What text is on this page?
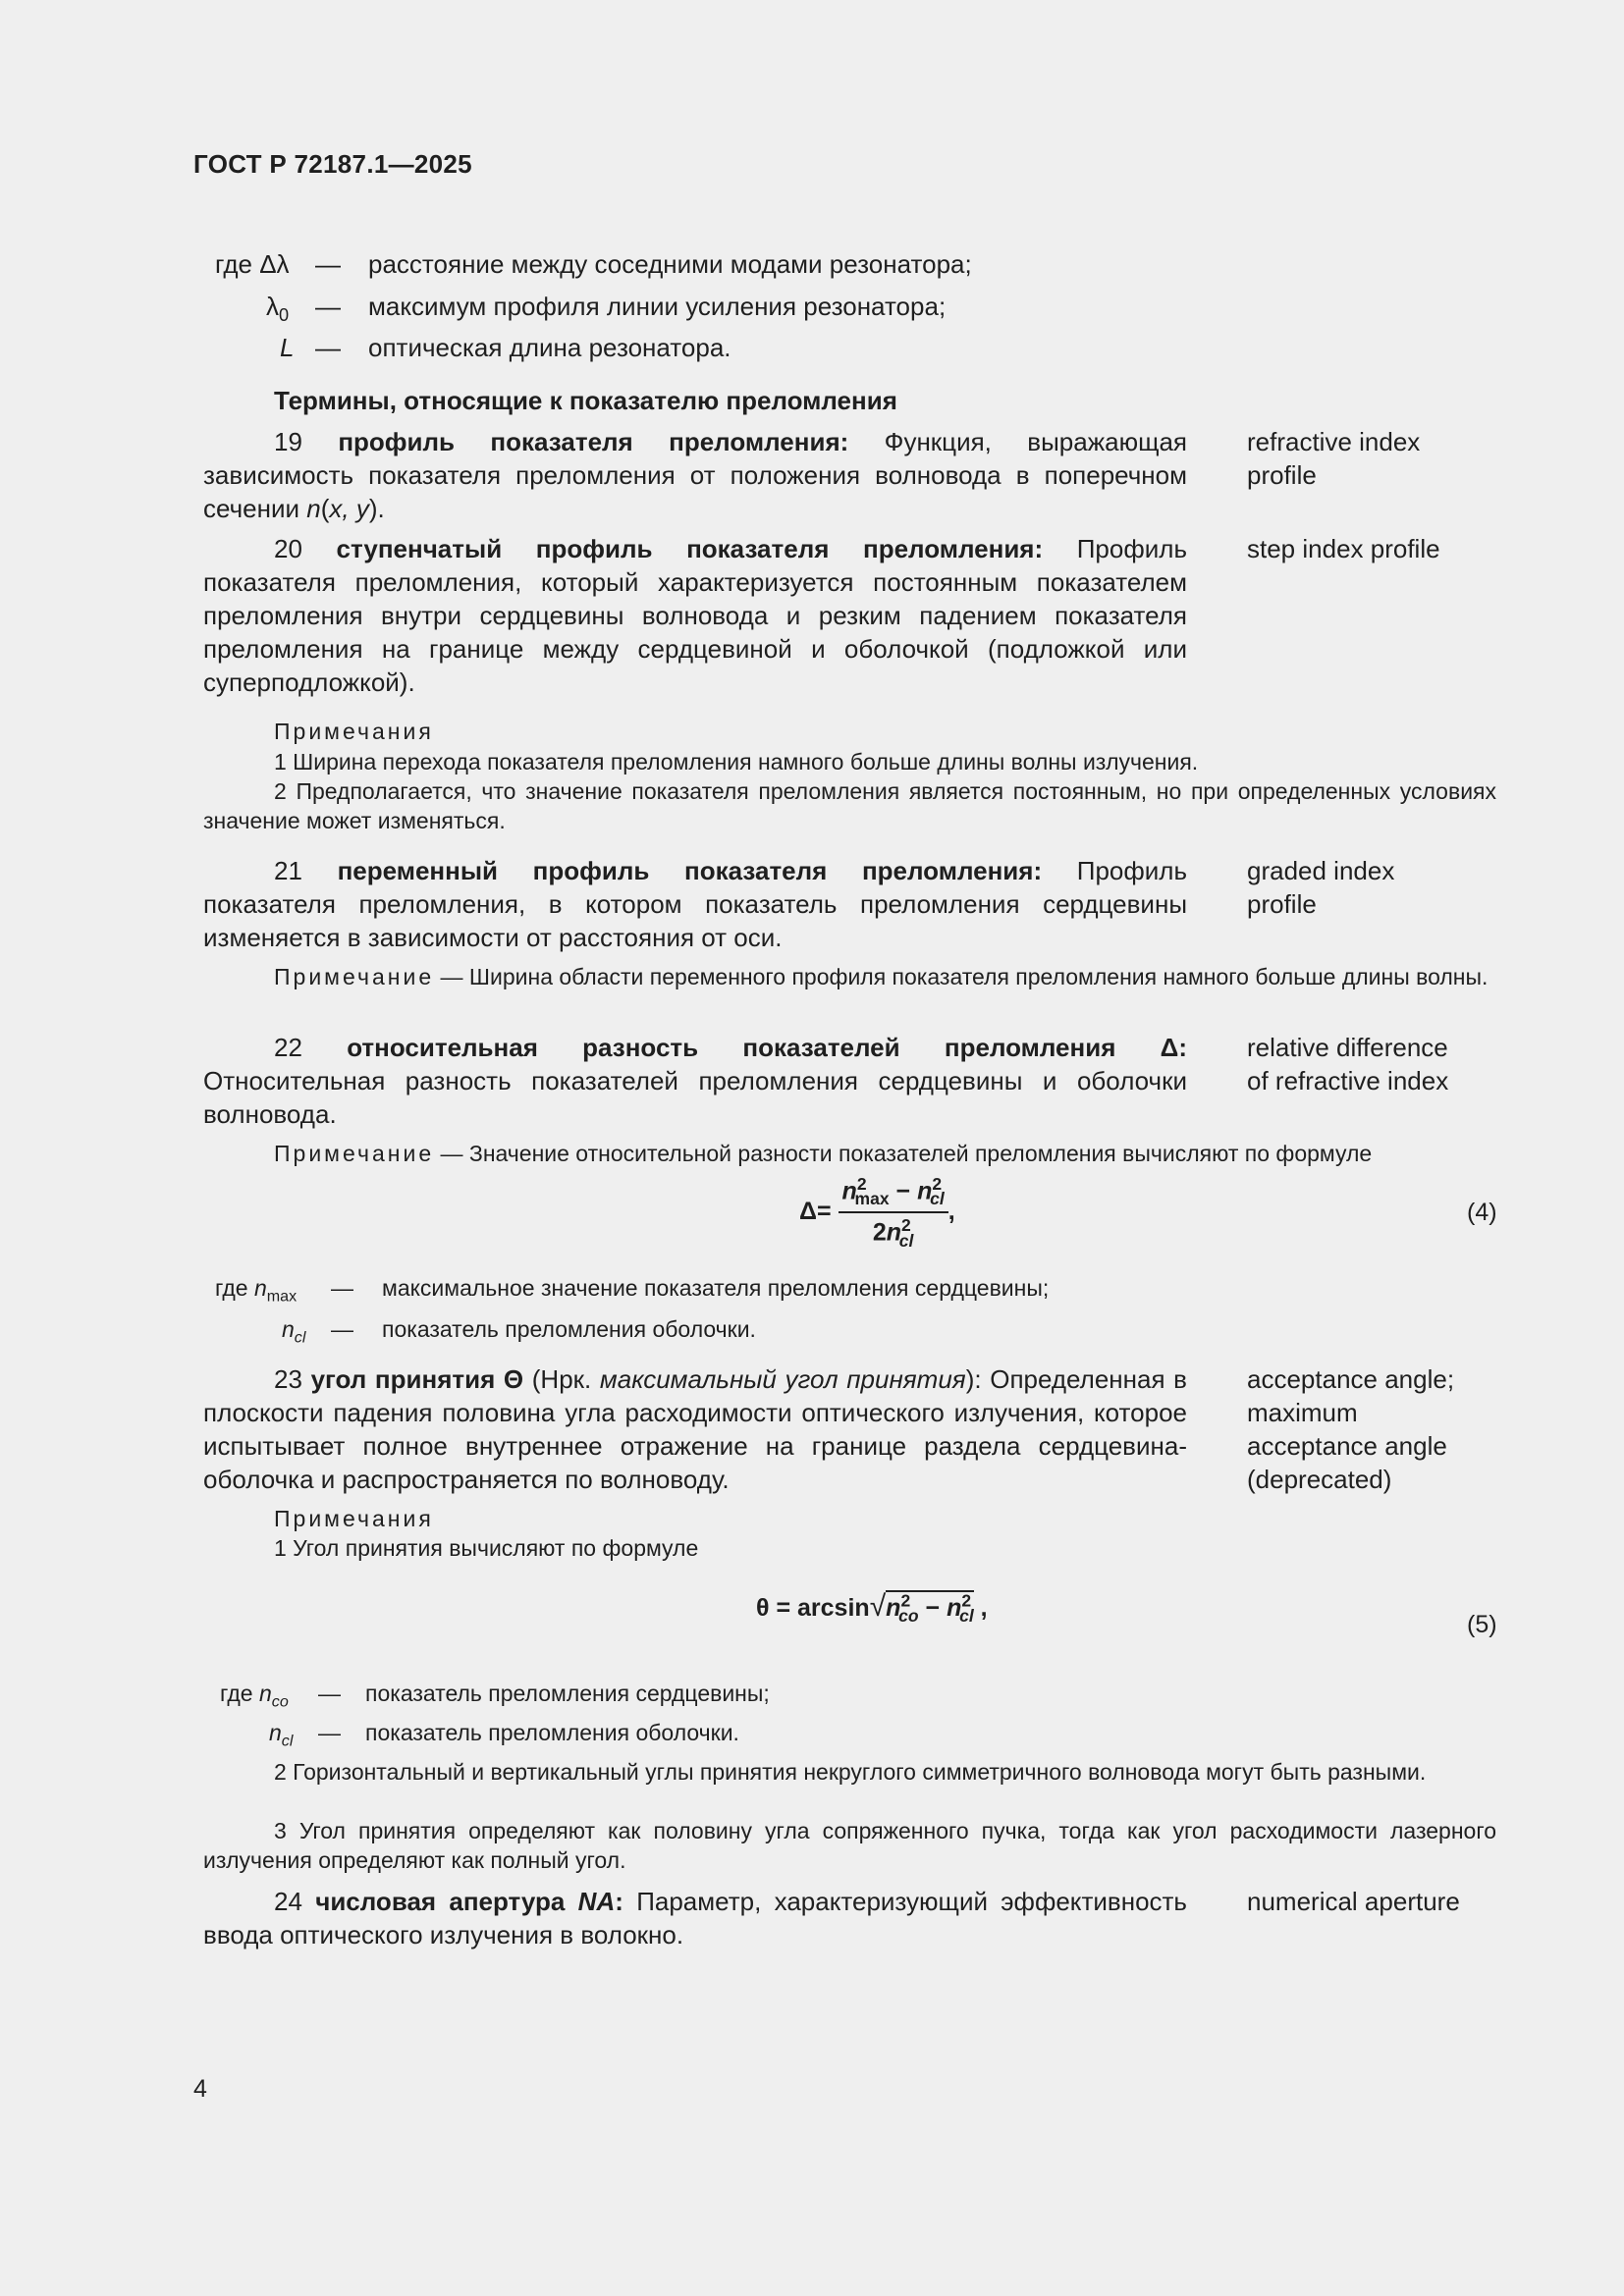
ГОСТ Р 72187.1—2025
где Δλ — расстояние между соседними модами резонатора;
$\lambda_0$ — максимум профиля линии усиления резонатора;
L — оптическая длина резонатора.
Термины, относящие к показателю преломления
19 профиль показателя преломления: Функция, выражающая зависимость показателя преломления от положения волновода в поперечном сечении n(x, y).
refractive index
profile
20 ступенчатый профиль показателя преломления: Профиль показателя преломления, который характеризуется постоянным показателем преломления внутри сердцевины волновода и резким падением показателя преломления на границе между сердцевиной и оболочкой (подложкой или суперподложкой).
step index profile
Примечания
1 Ширина перехода показателя преломления намного больше длины волны излучения.
2 Предполагается, что значение показателя преломления является постоянным, но при определенных условиях значение может изменяться.
21 переменный профиль показателя преломления: Профиль показателя преломления, в котором показатель преломления сердцевины изменяется в зависимости от расстояния от оси.
graded index
profile
Примечание — Ширина области переменного профиля показателя преломления намного больше длины волны.
22 относительная разность показателей преломления Δ: Относительная разность показателей преломления сердцевины и оболочки волновода.
relative difference
of refractive index
Примечание — Значение относительной разности показателей преломления вычисляют по формуле
$\Delta= \frac{n^2_{max} - n^2_{cl}}{2n^2_{cl}}$ ,	(4)
где $n_{max}$ — максимальное значение показателя преломления сердцевины;
$n_{cl}$ — показатель преломления оболочки.
23 угол принятия Θ (Нрк. максимальный угол принятия): Определенная в плоскости падения половина угла расходимости оптического излучения, которое испытывает полное внутреннее отражение на границе раздела сердцевина-оболочка и распространяется по волноводу.
acceptance angle;
maximum
acceptance angle
(deprecated)
Примечания
1 Угол принятия вычисляют по формуле
$\theta = \arcsin√n^2_{co} - n^2_{cl}$ ,
(5)
где $n_{co}$ — показатель преломления сердцевины;
$n_{cl}$ — показатель преломления оболочки.
2 Горизонтальный и вертикальный углы принятия некруглого симметричного волновода могут быть разными.
3 Угол принятия определяют как половину угла сопряженного пучка, тогда как угол расходимости лазерного излучения определяют как полный угол.
24 числовая апертура NA: Параметр, характеризующий эффективность ввода оптического излучения в волокно.
numerical aperture
4
